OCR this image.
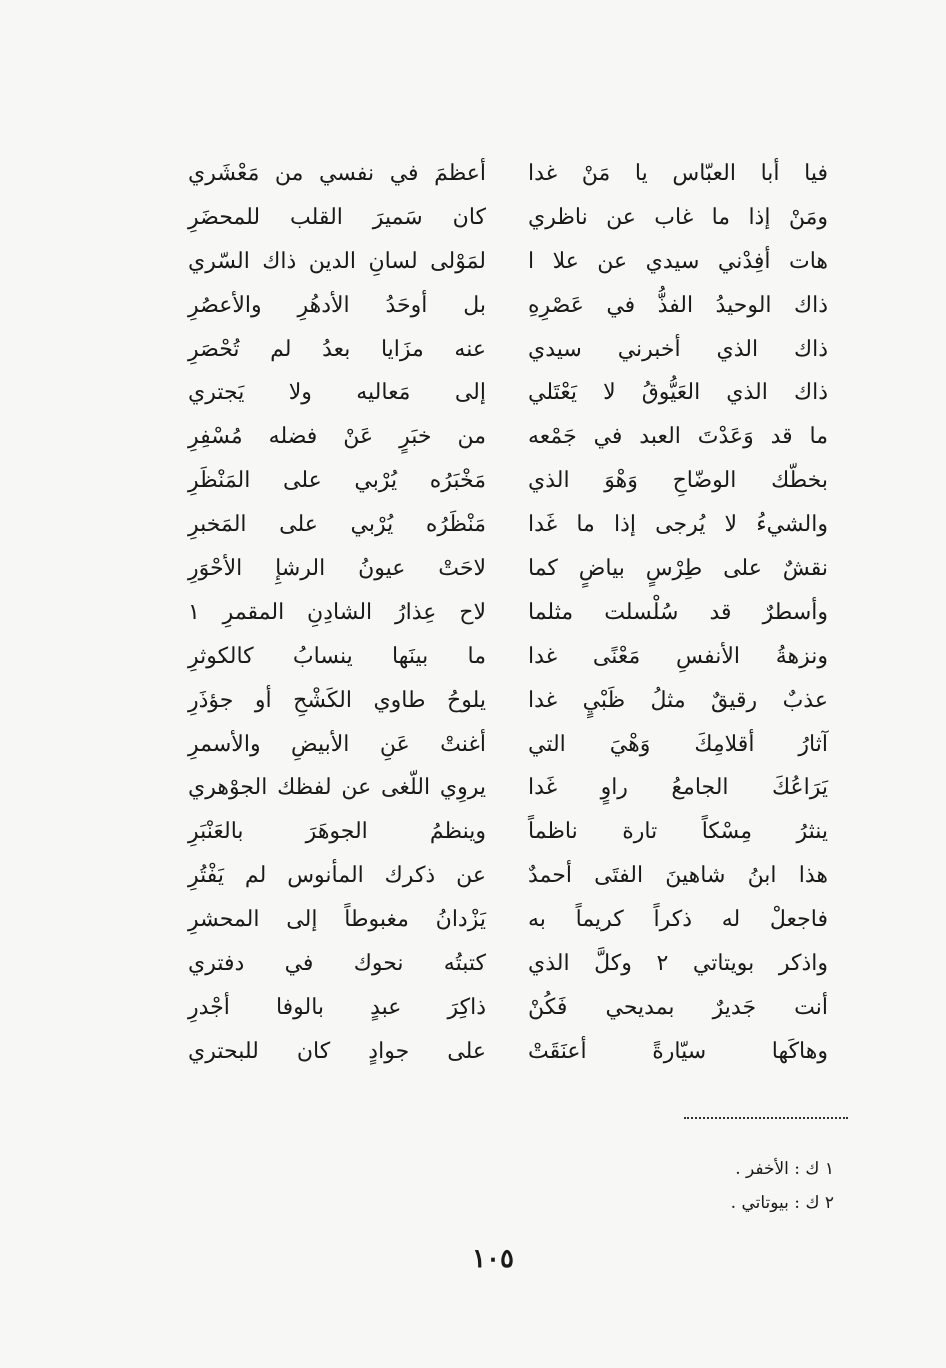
فيا أبا العبّاس يا مَنْ غدا
أعظمَ في نفسي من مَعْشَري
ومَنْ إذا ما غاب عن ناظري
كان سَميرَ القلب للمحضَرِ
هات أفِدْني سيدي عن علا ا
لمَوْلى لسانِ الدين ذاك السّري
ذاك الوحيدُ الفذُّ في عَصْرِهِ
بل أوحَدُ الأدهُرِ والأعصُرِ
ذاك الذي أخبرني سيدي
عنه مزَايا بعدُ لم تُحْصَرِ
ذاك الذي العَيُّوقُ لا يَعْتَلي
إلى مَعاليه ولا يَجتري
ما قد وَعَدْتَ العبد في جَمْعه
من خبَرٍ عَنْ فضله مُسْفِرِ
بخطّك الوضّاحِ وَهْوَ الذي
مَخْبَرُه يُرْبي على المَنْظَرِ
والشيءُ لا يُرجى إذا ما غَدا
مَنْظَرُه يُرْبي على المَخبرِ
نقشٌ على طِرْسٍ بياضٍ كما
لاحَتْ عيونُ الرشإِ الأحْوَرِ
وأسطرٌ قد سُلْسلت مثلما
لاح عِذارُ الشادِنِ المقمرِ ١
ونزهةُ الأنفسِ مَعْنًى غدا
ما بينَها ينسابُ كالكوثرِ
عذبٌ رقيقٌ مثلُ ظَبْيٍ غدا
يلوحُ طاوي الكَشْحِ أو جؤذَرِ
آثارُ أقلامِكَ وَهْيَ التي
أغنتْ عَنِ الأبيضِ والأسمرِ
يَرَاعُكَ الجامعُ راوٍ غَدا
يروِي اللّغى عن لفظك الجوْهري
ينثرُ مِسْكاً تارة ناظماً
وينظمُ الجوهَرَ بالعَنْبَرِ
هذا ابنُ شاهينَ الفتَى أحمدٌ
عن ذكرك المأنوس لم يَفْتُرِ
فاجعلْ له ذكراً كريماً به
يَزْدانُ مغبوطاً إلى المحشرِ
واذكر بويتاتي ٢ وكلَّ الذي
كتبتُه نحوك في دفتري
أنت جَديرٌ بمديحي فَكُنْ
ذاكِرَ عبدٍ بالوفا أجْدرِ
وهاكَها سيّارةً أعنَقَتْ
على جوادٍ كان للبحتري
١ ك : الأخفر .
٢ ك : بيوتاتي .
١٠٥
